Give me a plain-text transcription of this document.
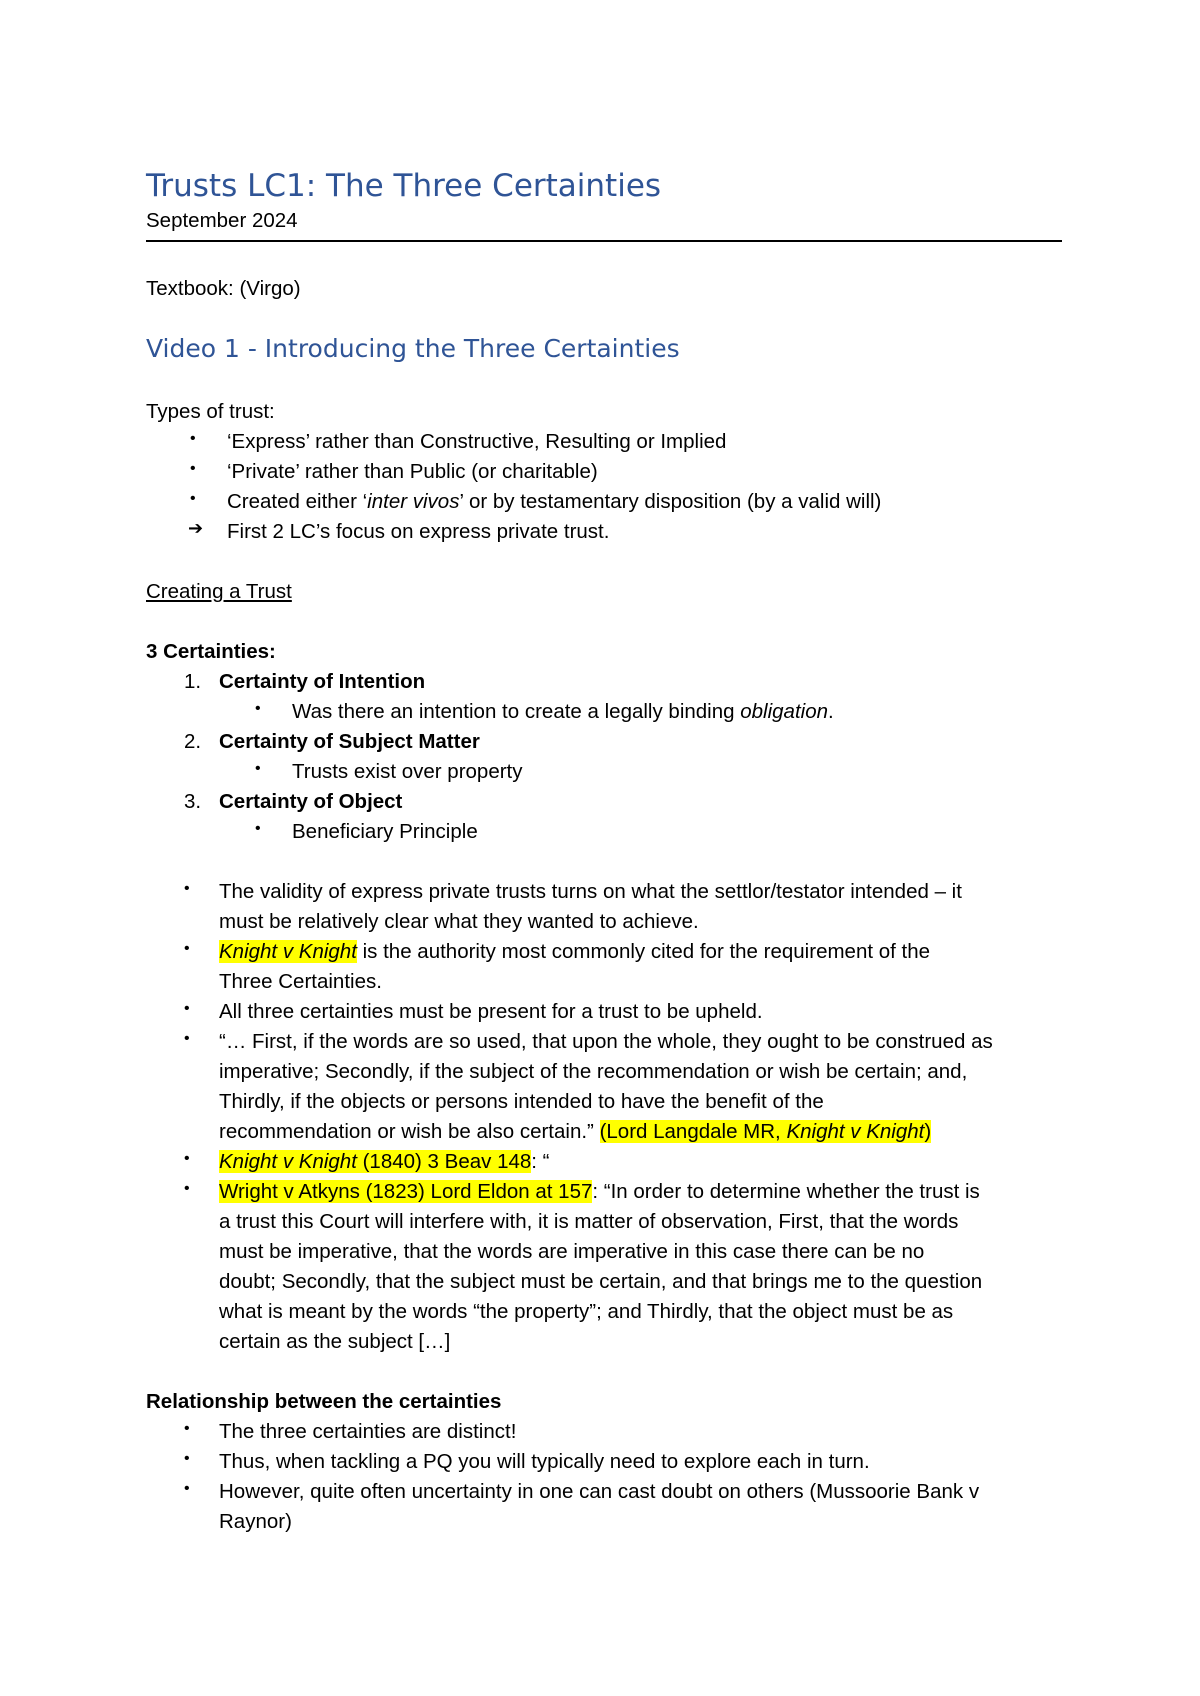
Trusts LC1: The Three Certainties
September 2024
Textbook: (Virgo)
Video 1 - Introducing the Three Certainties
Types of trust:
• ‘Express’ rather than Constructive, Resulting or Implied
• ‘Private’ rather than Public (or charitable)
• Created either ‘inter vivos’ or by testamentary disposition (by a valid will)
➔ First 2 LC’s focus on express private trust.
Creating a Trust
3 Certainties:
1. Certainty of Intention
• Was there an intention to create a legally binding obligation.
2. Certainty of Subject Matter
• Trusts exist over property
3. Certainty of Object
• Beneficiary Principle
• The validity of express private trusts turns on what the settlor/testator intended – it
must be relatively clear what they wanted to achieve.
• Knight v Knight is the authority most commonly cited for the requirement of the
Three Certainties.
• All three certainties must be present for a trust to be upheld.
• “… First, if the words are so used, that upon the whole, they ought to be construed as
imperative; Secondly, if the subject of the recommendation or wish be certain; and,
Thirdly, if the objects or persons intended to have the benefit of the
recommendation or wish be also certain.” (Lord Langdale MR, Knight v Knight)
• Knight v Knight (1840) 3 Beav 148: “
• Wright v Atkyns (1823) Lord Eldon at 157: “In order to determine whether the trust is
a trust this Court will interfere with, it is matter of observation, First, that the words
must be imperative, that the words are imperative in this case there can be no
doubt; Secondly, that the subject must be certain, and that brings me to the question
what is meant by the words “the property”; and Thirdly, that the object must be as
certain as the subject […]
Relationship between the certainties
• The three certainties are distinct!
• Thus, when tackling a PQ you will typically need to explore each in turn.
• However, quite often uncertainty in one can cast doubt on others (Mussoorie Bank v
Raynor)
